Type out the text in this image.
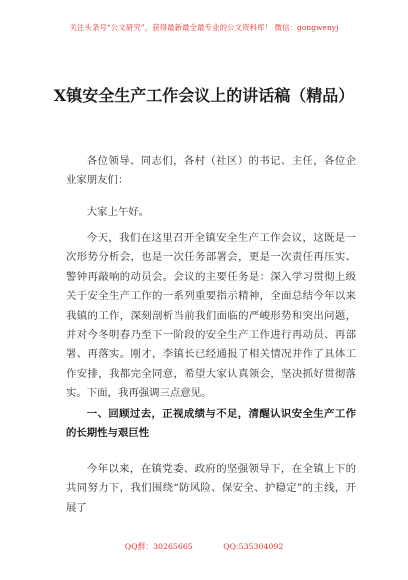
关注头条号“公文研究”，获得最新最全最专业的公文资料库！ 微信：gongwenyj
X镇安全生产工作会议上的讲话稿（精品）

各位领导、同志们，各村（社区）的书记、主任，各位企业家朋友们：

大家上午好。

今天，我们在这里召开全镇安全生产工作会议，这既是一次形势分析会，也是一次任务部署会，更是一次责任再压实、警钟再敲响的动员会。会议的主要任务是：深入学习贯彻上级关于安全生产工作的一系列重要指示精神，全面总结今年以来我镇的工作，深刻剖析当前我们面临的严峻形势和突出问题，并对今冬明春乃至下一阶段的安全生产工作进行再动员、再部署、再落实。刚才，李镇长已经通报了相关情况并作了具体工作安排，我都完全同意，希望大家认真领会，坚决抓好贯彻落实。下面，我再强调三点意见。

一、回顾过去，正视成绩与不足，清醒认识安全生产工作的长期性与艰巨性

今年以来，在镇党委、政府的坚强领导下，在全镇上下的共同努力下，我们围绕“防风险、保安全、护稳定”的主线，开展了

QQ群：30265665	QQ:535304092
